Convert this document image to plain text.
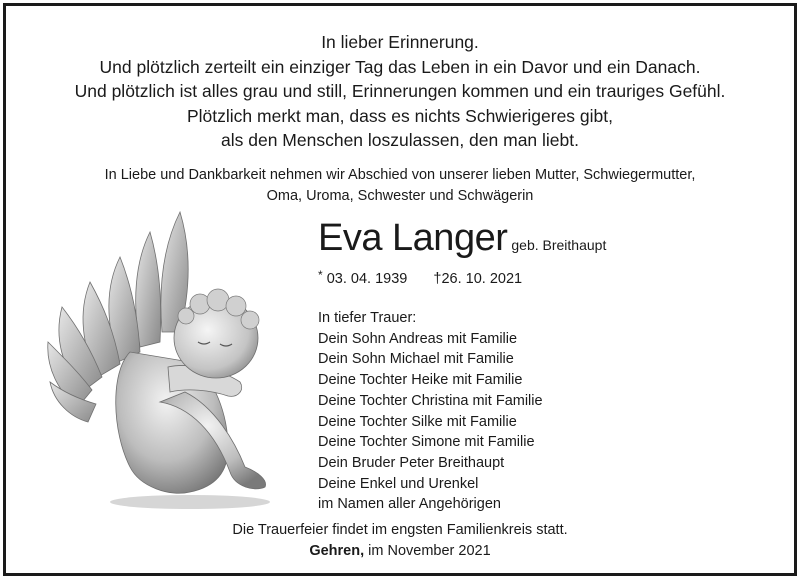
In lieber Erinnerung.
Und plötzlich zerteilt ein einziger Tag das Leben in ein Davor und ein Danach.
Und plötzlich ist alles grau und still, Erinnerungen kommen und ein trauriges Gefühl.
Plötzlich merkt man, dass es nichts Schwierigeres gibt,
als den Menschen loszulassen, den man liebt.
In Liebe und Dankbarkeit nehmen wir Abschied von unserer lieben Mutter, Schwiegermutter,
Oma, Uroma, Schwester und Schwägerin
Eva Langer geb. Breithaupt
* 03. 04. 1939 †26. 10. 2021
In tiefer Trauer:
Dein Sohn Andreas mit Familie
Dein Sohn Michael mit Familie
Deine Tochter Heike mit Familie
Deine Tochter Christina mit Familie
Deine Tochter Silke mit Familie
Deine Tochter Simone mit Familie
Dein Bruder Peter Breithaupt
Deine Enkel und Urenkel
im Namen aller Angehörigen
Die Trauerfeier findet im engsten Familienkreis statt.
Gehren, im November 2021
